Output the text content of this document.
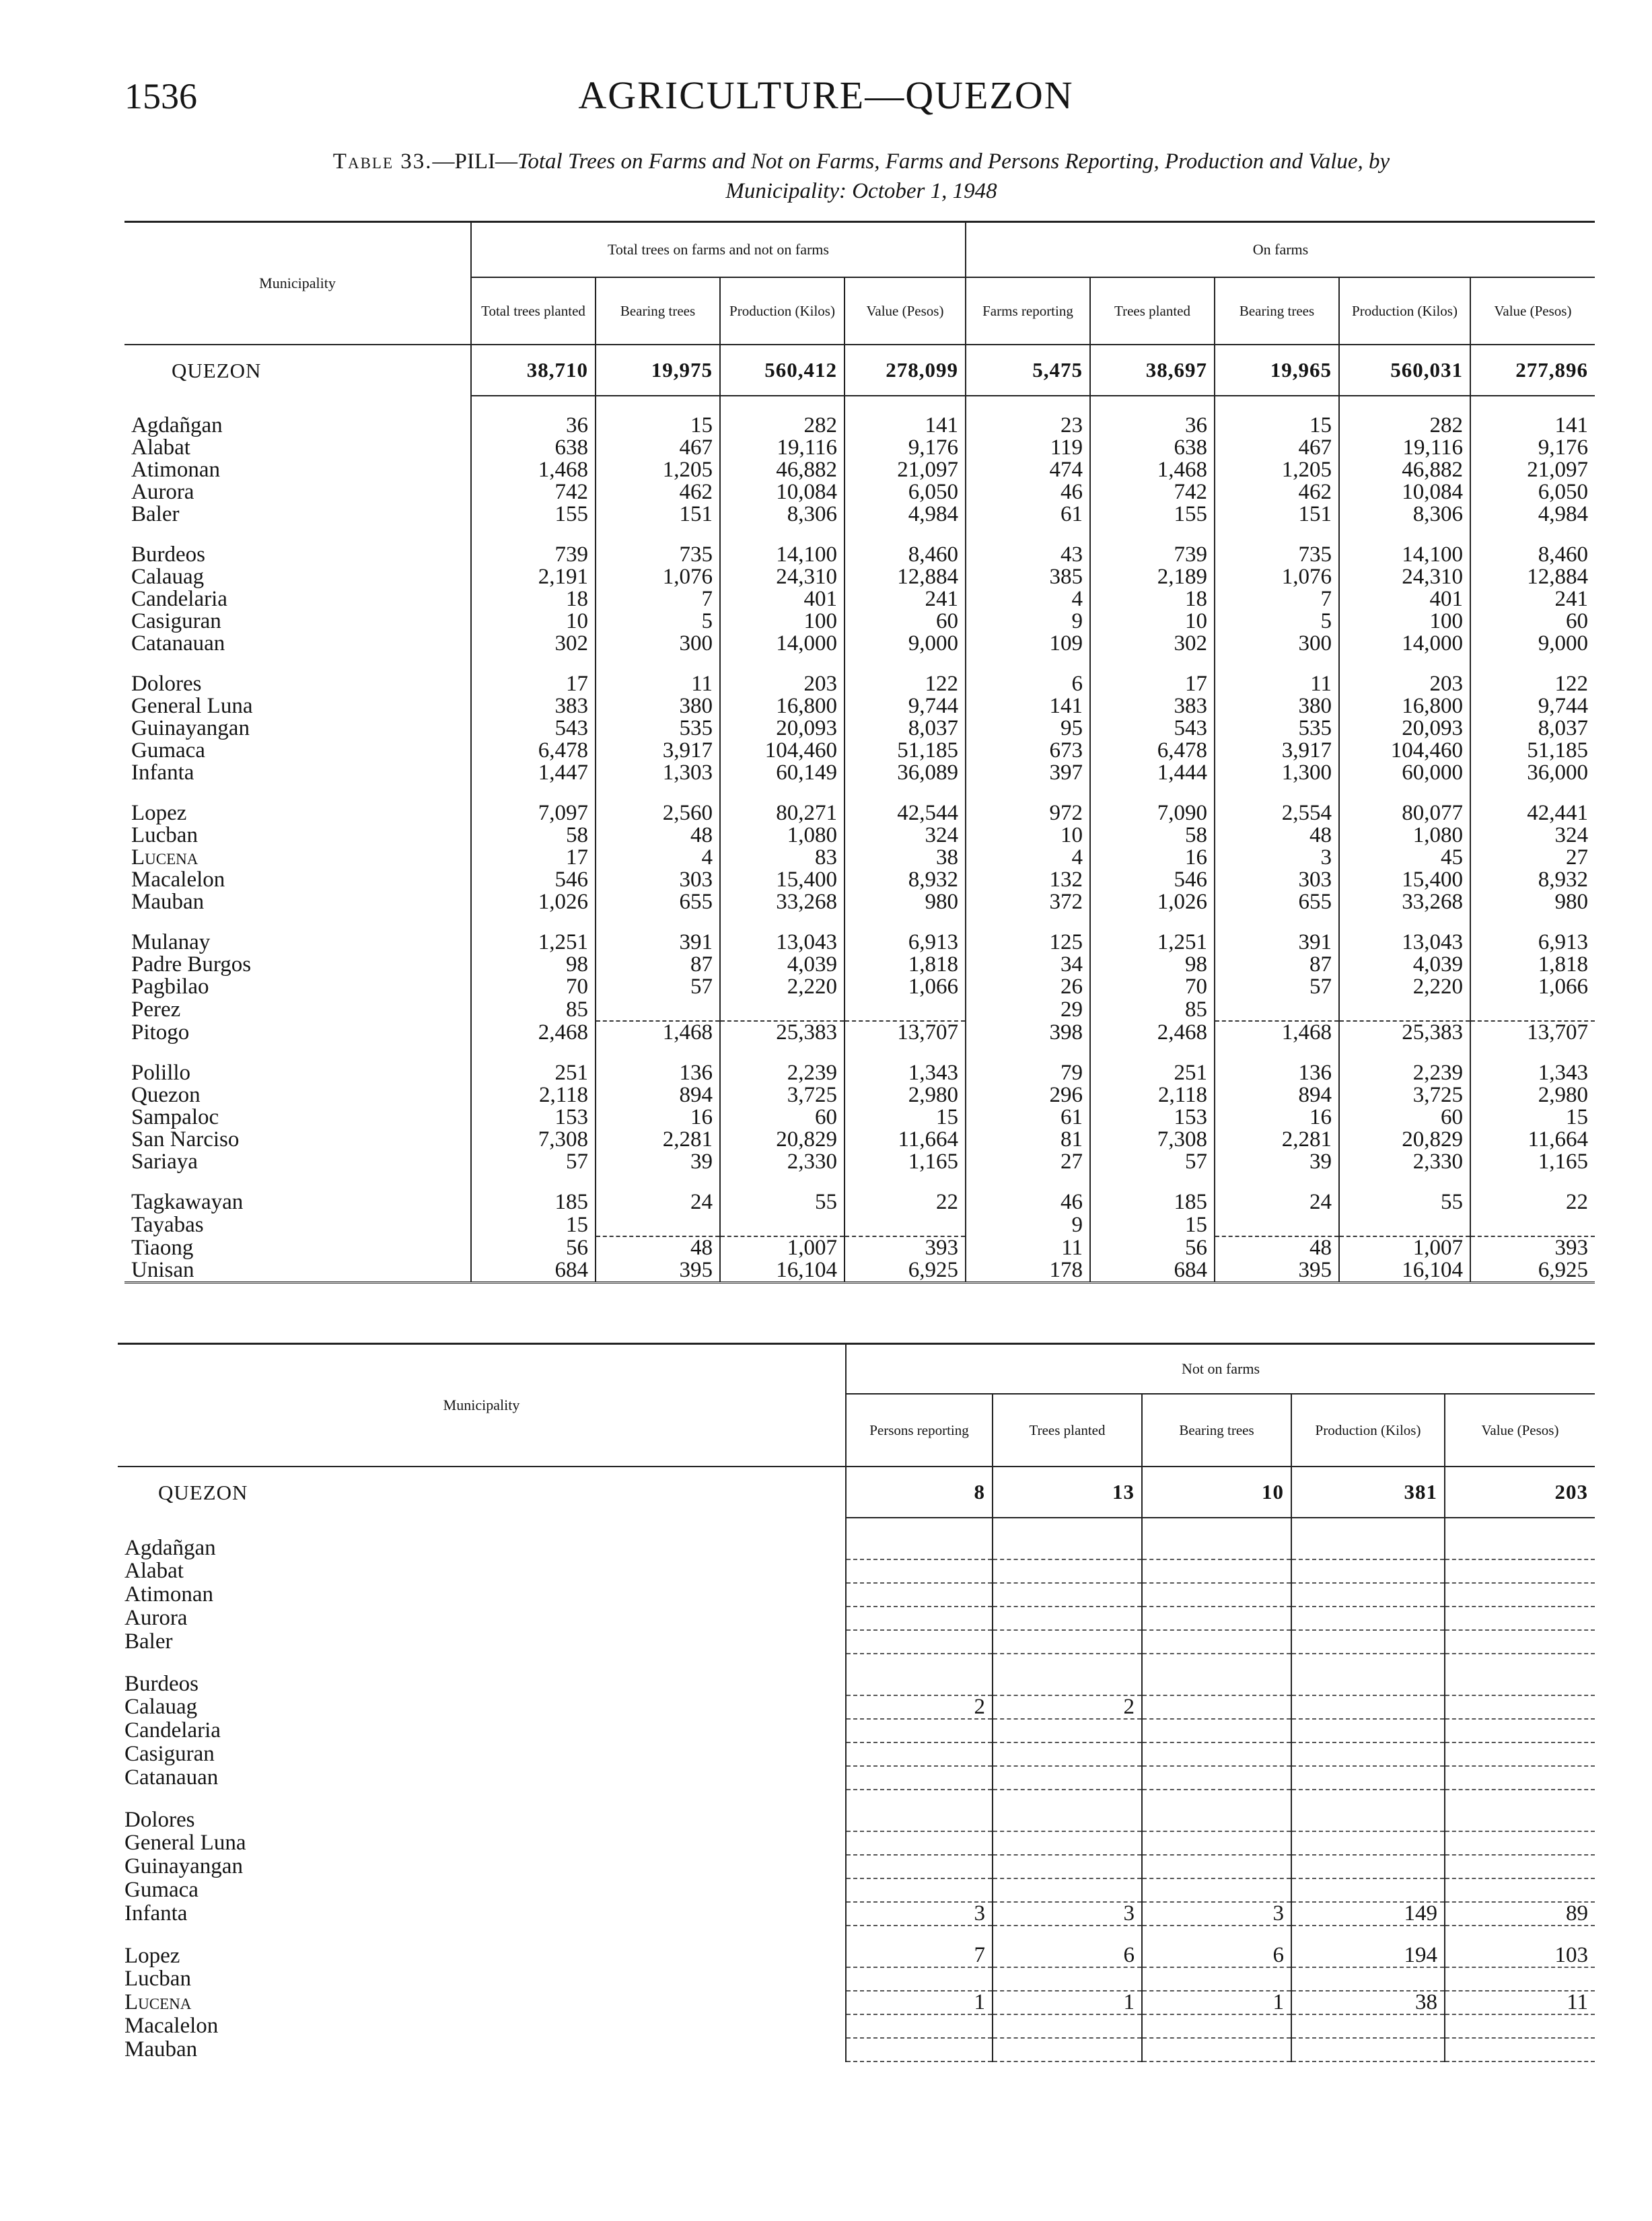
1536	AGRICULTURE—QUEZON
Table 33.—PILI—Total Trees on Farms and Not on Farms, Farms and Persons Reporting, Production and Value, by
Municipality: October 1, 1948
Municipality	Total trees on farms and not on farms				On farms				
	Total trees planted	Bearing trees	Production (Kilos)	Value (Pesos)	Farms reporting	Trees planted	Bearing trees	Production (Kilos)	Value (Pesos)
QUEZON	38,710	19,975	560,412	278,099	5,475	38,697	19,965	560,031	277,896

Agdañgan	36	15	282	141	23	36	15	282	141
Alabat	638	467	19,116	9,176	119	638	467	19,116	9,176
Atimonan	1,468	1,205	46,882	21,097	474	1,468	1,205	46,882	21,097
Aurora	742	462	10,084	6,050	46	742	462	10,084	6,050
Baler	155	151	8,306	4,984	61	155	151	8,306	4,984

Burdeos	739	735	14,100	8,460	43	739	735	14,100	8,460
Calauag	2,191	1,076	24,310	12,884	385	2,189	1,076	24,310	12,884
Candelaria	18	7	401	241	4	18	7	401	241
Casiguran	10	5	100	60	9	10	5	100	60
Catanauan	302	300	14,000	9,000	109	302	300	14,000	9,000

Dolores	17	11	203	122	6	17	11	203	122
General Luna	383	380	16,800	9,744	141	383	380	16,800	9,744
Guinayangan	543	535	20,093	8,037	95	543	535	20,093	8,037
Gumaca	6,478	3,917	104,460	51,185	673	6,478	3,917	104,460	51,185
Infanta	1,447	1,303	60,149	36,089	397	1,444	1,300	60,000	36,000

Lopez	7,097	2,560	80,271	42,544	972	7,090	2,554	80,077	42,441
Lucban	58	48	1,080	324	10	58	48	1,080	324
Lucena	17	4	83	38	4	16	3	45	27
Macalelon	546	303	15,400	8,932	132	546	303	15,400	8,932
Mauban	1,026	655	33,268	980	372	1,026	655	33,268	980

Mulanay	1,251	391	13,043	6,913	125	1,251	391	13,043	6,913
Padre Burgos	98	87	4,039	1,818	34	98	87	4,039	1,818
Pagbilao	70	57	2,220	1,066	26	70	57	2,220	1,066
Perez	85				29	85			
Pitogo	2,468	1,468	25,383	13,707	398	2,468	1,468	25,383	13,707

Polillo	251	136	2,239	1,343	79	251	136	2,239	1,343
Quezon	2,118	894	3,725	2,980	296	2,118	894	3,725	2,980
Sampaloc	153	16	60	15	61	153	16	60	15
San Narciso	7,308	2,281	20,829	11,664	81	7,308	2,281	20,829	11,664
Sariaya	57	39	2,330	1,165	27	57	39	2,330	1,165

Tagkawayan	185	24	55	22	46	185	24	55	22
Tayabas	15				9	15			
Tiaong	56	48	1,007	393	11	56	48	1,007	393
Unisan	684	395	16,104	6,925	178	684	395	16,104	6,925
Municipality	Not on farms				
	Persons reporting	Trees planted	Bearing trees	Production (Kilos)	Value (Pesos)
QUEZON	8	13	10	381	203

Agdañgan					
Alabat					
Atimonan					
Aurora					
Baler					

Burdeos					
Calauag	2	2			
Candelaria					
Casiguran					
Catanauan					

Dolores					
General Luna					
Guinayangan					
Gumaca					
Infanta	3	3	3	149	89

Lopez	7	6	6	194	103
Lucban					
Lucena	1	1	1	38	11
Macalelon					
Mauban					
